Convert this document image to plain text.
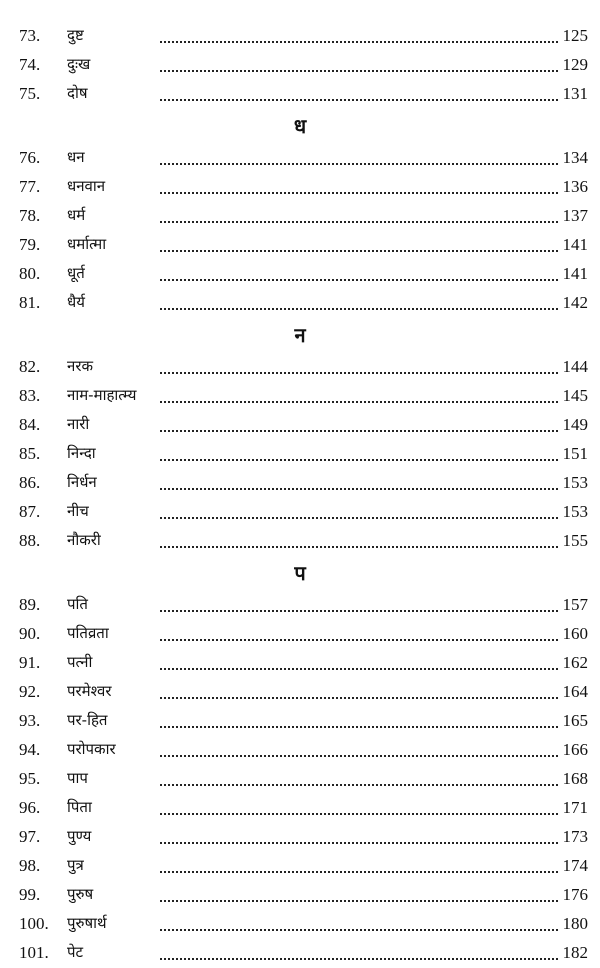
73. दुष्ट	125
74. दुःख	129
75. दोष	131
ध
76. धन	134
77. धनवान	136
78. धर्म	137
79. धर्मात्मा	141
80. धूर्त	141
81. धैर्य	142
न
82. नरक	144
83. नाम-माहात्म्य	145
84. नारी	149
85. निन्दा	151
86. निर्धन	153
87. नीच	153
88. नौकरी	155
प
89. पति	157
90. पतिव्रता	160
91. पत्नी	162
92. परमेश्वर	164
93. पर-हित	165
94. परोपकार	166
95. पाप	168
96. पिता	171
97. पुण्य	173
98. पुत्र	174
99. पुरुष	176
100. पुरुषार्थ	180
101. पेट	182
